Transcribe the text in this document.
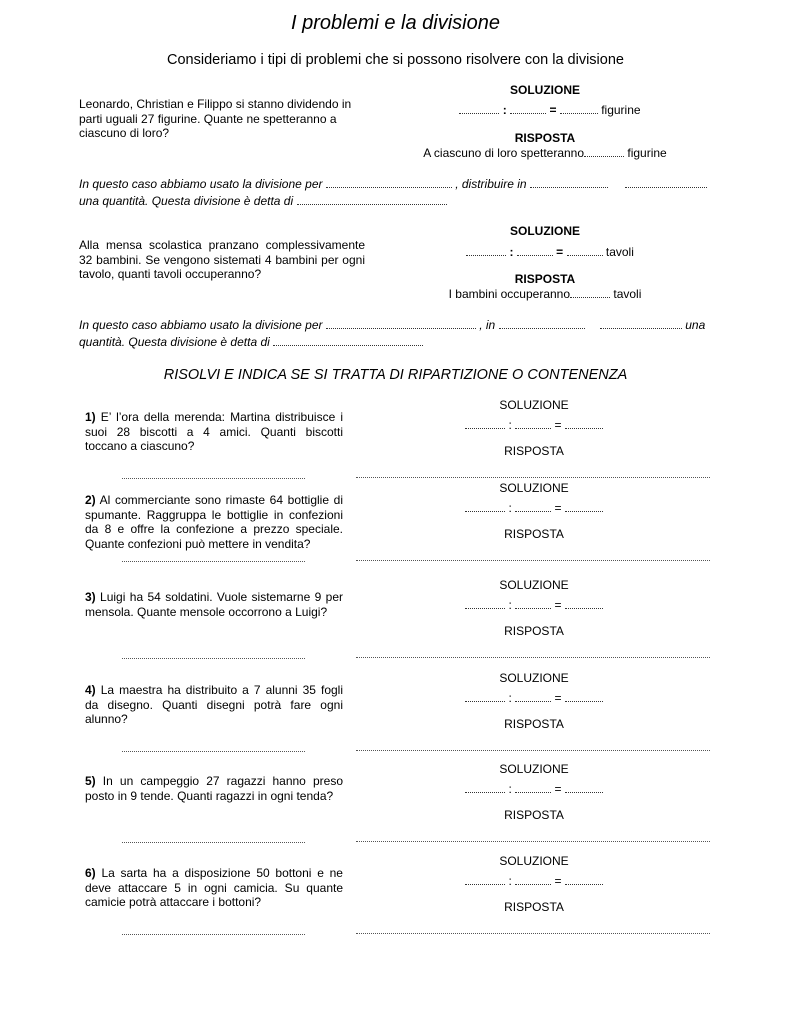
I problemi e la divisione
Consideriamo i tipi di problemi che si possono risolvere con la divisione
Leonardo, Christian e Filippo si stanno dividendo in parti uguali 27 figurine. Quante ne spetteranno a ciascuno di loro?
SOLUZIONE
:	=	figurine
RISPOSTA
A ciascuno di loro spetteranno	figurine
In questo caso abbiamo usato la divisione per	, distribuire in
una quantità. Questa divisione è detta di
Alla mensa scolastica pranzano complessivamente 32 bambini. Se vengono sistemati 4 bambini per ogni tavolo, quanti tavoli occuperanno?
SOLUZIONE
:	=	tavoli
RISPOSTA
I bambini occuperanno	tavoli
In questo caso abbiamo usato la divisione per	, in	una
quantità. Questa divisione è detta di
RISOLVI E INDICA SE SI TRATTA DI RIPARTIZIONE O CONTENENZA
1) E’ l’ora della merenda: Martina distribuisce i suoi 28 biscotti a 4 amici. Quanti biscotti toccano a ciascuno?
SOLUZIONE
:	=
RISPOSTA
2) Al commerciante sono rimaste 64 bottiglie di spumante. Raggruppa le bottiglie in confezioni da 8 e offre la confezione a prezzo speciale. Quante confezioni può mettere in vendita?
SOLUZIONE
:	=
RISPOSTA
3) Luigi ha 54 soldatini. Vuole sistemarne 9 per mensola. Quante mensole occorrono a Luigi?
SOLUZIONE
:	=
RISPOSTA
4) La maestra ha distribuito a 7 alunni 35 fogli da disegno. Quanti disegni potrà fare ogni alunno?
SOLUZIONE
:	=
RISPOSTA
5) In un campeggio 27 ragazzi hanno preso posto in 9 tende. Quanti ragazzi in ogni tenda?
SOLUZIONE
:	=
RISPOSTA
6) La sarta ha a disposizione 50 bottoni e ne deve attaccare 5 in ogni camicia. Su quante camicie potrà attaccare i bottoni?
SOLUZIONE
:	=
RISPOSTA
